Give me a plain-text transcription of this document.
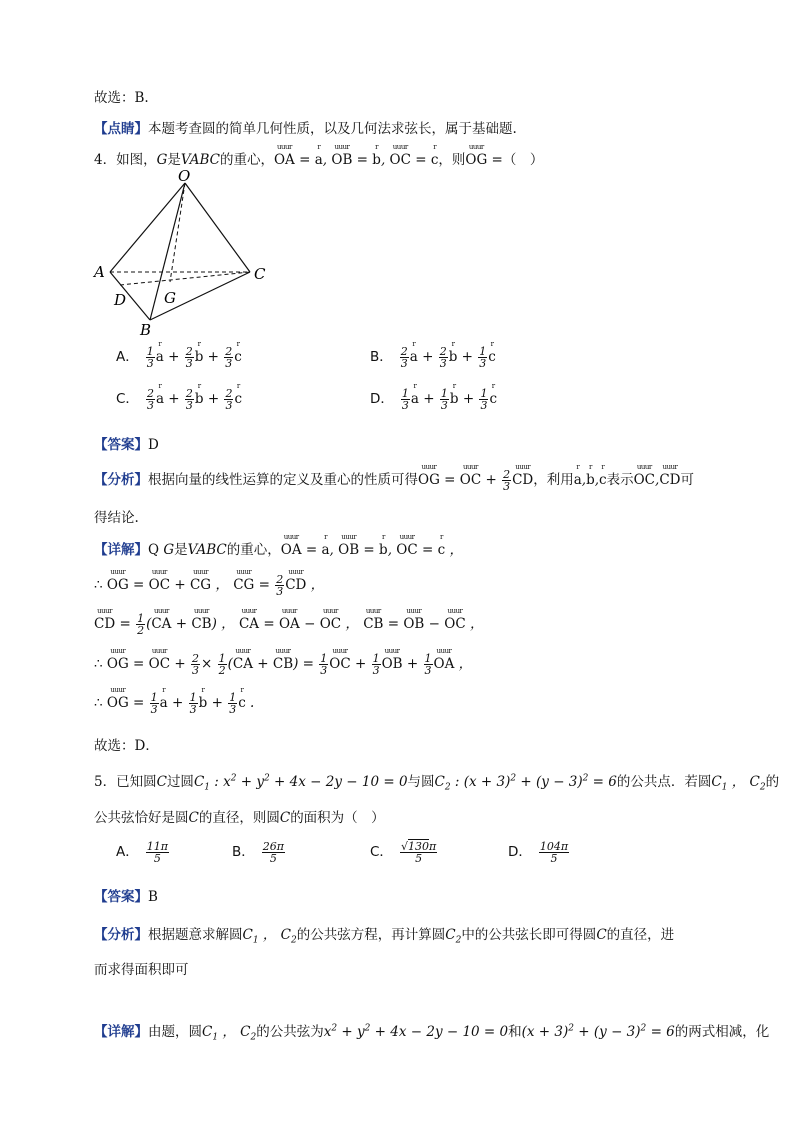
故选：B.
【点睛】本题考查圆的简单几何性质，以及几何法求弦长，属于基础题.
4．如图，G是VABC的重心，uuur OA = r a, uuur OB = r b, uuur OC = r c，则uuur OG =（　）
O
A	C
D	G
B
A． $\frac{1}{3}$ r $a + \frac{2}{3}$ r $b + \frac{2}{3}$ r c	B． $\frac{2}{3}$ r $a + \frac{2}{3}$ r $b + \frac{1}{3}$ r c
C． $\frac{2}{3}$ r $a + \frac{2}{3}$ r $b + \frac{2}{3}$ r c	D． $\frac{1}{3}$ r $a + \frac{1}{3}$ r $b + \frac{1}{3}$ r c
【答案】D
【分析】根据向量的线性运算的定义及重心的性质可得uuur OG = uuur OC + $\frac{2}{3}$ uuur CD，利用r a,r b,r c表示uuur OC,uuur CD可
得结论.
【详解】Q G是VABC的重心，uuur OA = r a, uuur OB = r b, uuur OC = r c ，
∴ uuur OG = uuur OC + uuur CG ， uuur CG = $\frac{2}{3}$ uuur CD ，
uuur CD = $\frac{1}{2}$ (uuur CA + uuur CB) ， uuur CA = uuur OA − uuur OC ， uuur CB = uuur OB − uuur OC ，
∴ uuur OG = uuur OC + $\frac{2}{3} \times \frac{1}{2}$ (uuur CA + uuur $CB) = \frac{1}{3}$ uuur OC + $\frac{1}{3}$ uuur OB + $\frac{1}{3}$ uuur OA ，
∴ uuur OG = $\frac{1}{3}$ r $a + \frac{1}{3}$ r $b + \frac{1}{3}$ r c .
故选：D．
5．已知圆C过圆$C_1$ : $x^2 + y^2 + 4x - 2y - 10 = 0$与圆$C_2$ : $(x + 3)^2 + (y - 3)^2 = 6$的公共点．若圆$C_1$ ， $C_2$的
公共弦恰好是圆C的直径，则圆C的面积为（　）
A． $\frac{11\pi}{5}$	B． $\frac{26\pi}{5}$	C． $\frac{√130\pi}{5}$	D． $\frac{104\pi}{5}$
【答案】B
【分析】根据题意求解圆$C_1$ ， $C_2$的公共弦方程，再计算圆$C_2$中的公共弦长即可得圆C的直径，进
而求得面积即可
【详解】由题，圆$C_1$ ， $C_2$的公共弦为$x^2 + y^2 + 4x - 2y - 10 = 0$和$(x + 3)^2 + (y - 3)^2 = 6$的两式相减，化
